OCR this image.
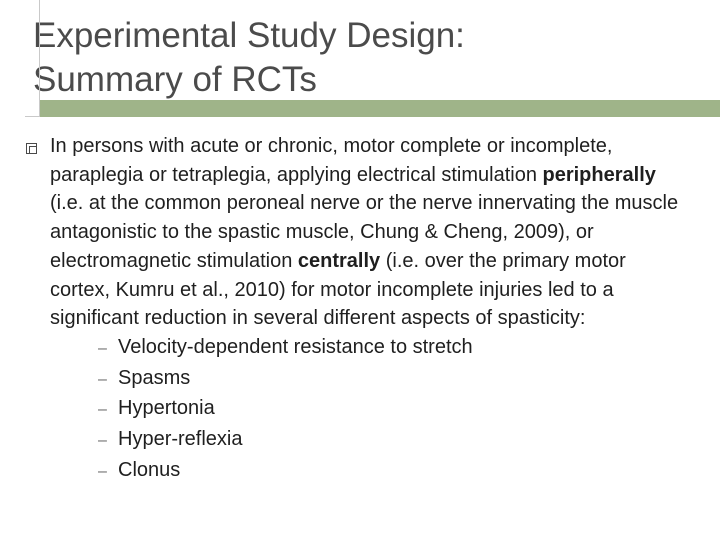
Experimental Study Design:
Summary of RCTs

In persons with acute or chronic, motor complete or incomplete, paraplegia or tetraplegia, applying electrical stimulation peripherally (i.e. at the common peroneal nerve or the nerve innervating the muscle antagonistic to the spastic muscle, Chung & Cheng, 2009), or electromagnetic stimulation centrally (i.e. over the primary motor cortex, Kumru et al., 2010) for motor incomplete injuries led to a significant reduction in several different aspects of spasticity:

– Velocity-dependent resistance to stretch
– Spasms
– Hypertonia
– Hyper-reflexia
– Clonus
